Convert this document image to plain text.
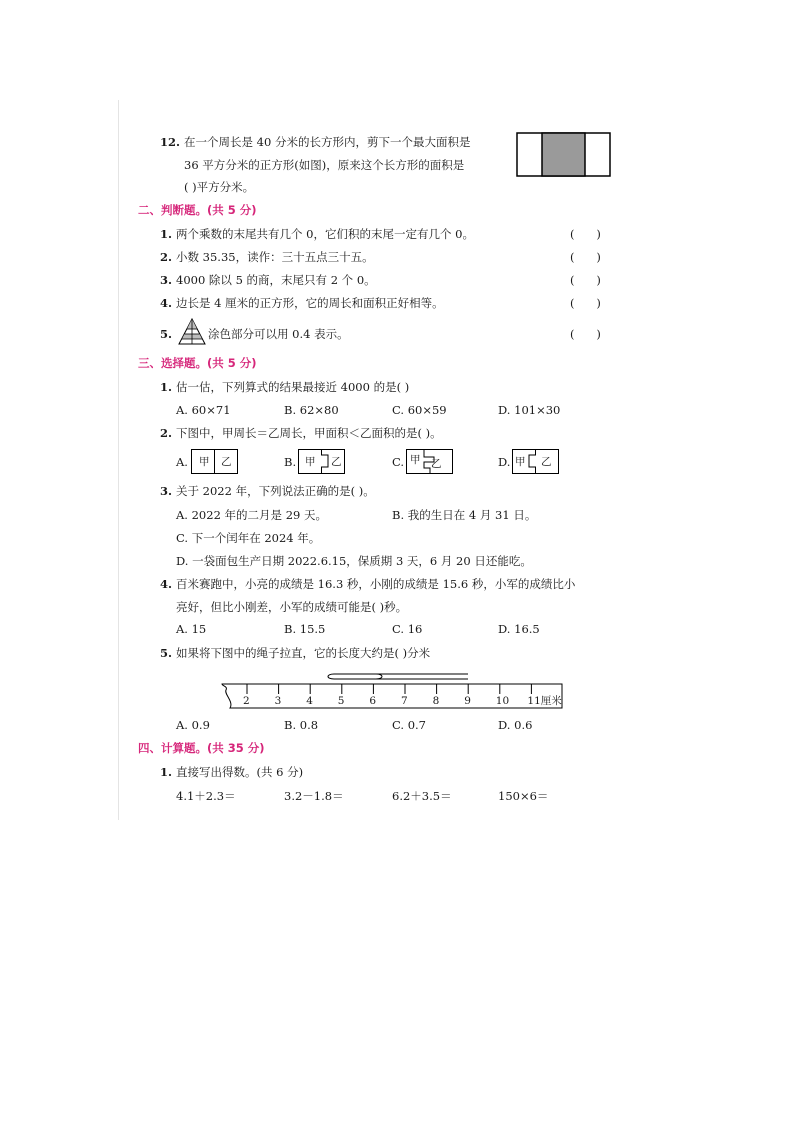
12. 在一个周长是 40 分米的长方形内，剪下一个最大面积是
36 平方分米的正方形(如图)，原来这个长方形的面积是
( )平方分米。
二、判断题。(共 5 分)
1. 两个乘数的末尾共有几个 0，它们积的末尾一定有几个 0。	(      )
2. 小数 35.35，读作：三十五点三十五。	(      )
3. 4000 除以 5 的商，末尾只有 2 个 0。	(      )
4. 边长是 4 厘米的正方形，它的周长和面积正好相等。	(      )
5.	涂色部分可以用 0.4 表示。	(      )
三、选择题。(共 5 分)
1. 估一估，下列算式的结果最接近 4000 的是( )
A. 60×71	B. 62×80	C. 60×59	D. 101×30
2. 下图中，甲周长＝乙周长，甲面积＜乙面积的是( )。
A. 甲 乙	B. 甲 乙	C. 甲 乙	D. 甲 乙
3. 关于 2022 年，下列说法正确的是( )。
A. 2022 年的二月是 29 天。	B. 我的生日在 4 月 31 日。
C. 下一个闰年在 2024 年。
D. 一袋面包生产日期 2022.6.15，保质期 3 天，6 月 20 日还能吃。
4. 百米赛跑中，小亮的成绩是 16.3 秒，小刚的成绩是 15.6 秒，小军的成绩比小
亮好，但比小刚差，小军的成绩可能是( )秒。
A. 15	B. 15.5	C. 16	D. 16.5
5. 如果将下图中的绳子拉直，它的长度大约是( )分米
2 3 4 5 6 7 8 9 10 11厘米
A. 0.9	B. 0.8	C. 0.7	D. 0.6
四、计算题。(共 35 分)
1. 直接写出得数。(共 6 分)
4.1＋2.3＝	3.2－1.8＝	6.2＋3.5＝	150×6＝
